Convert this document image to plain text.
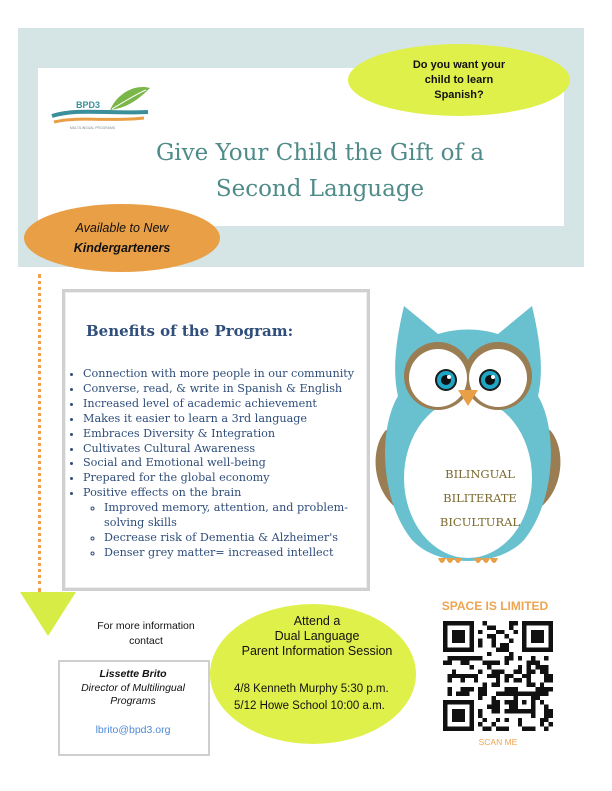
BPD3
MULTILINGUAL PROGRAMS
Give Your Child the Gift of a
Second Language
Do you want your
child to learn
Spanish?
Available to New
Kindergarteners
Benefits of the Program:
• Connection with more people in our community
• Converse, read, & write in Spanish & English
• Increased level of academic achievement
• Makes it easier to learn a 3rd language
• Embraces Diversity & Integration
• Cultivates Cultural Awareness
• Social and Emotional well-being
• Prepared for the global economy
• Positive effects on the brain
◦ Improved memory, attention, and problem-solving skills
◦ Decrease risk of Dementia & Alzheimer's
◦ Denser grey matter= increased intellect
BILINGUAL
BILITERATE
BICULTURAL
For more information
contact
Lissette Brito
Director of Multilingual
Programs
lbrito@bpd3.org
Attend a
Dual Language
Parent Information Session
4/8 Kenneth Murphy 5:30 p.m.
5/12 Howe School 10:00 a.m.
SPACE IS LIMITED
SCAN ME
